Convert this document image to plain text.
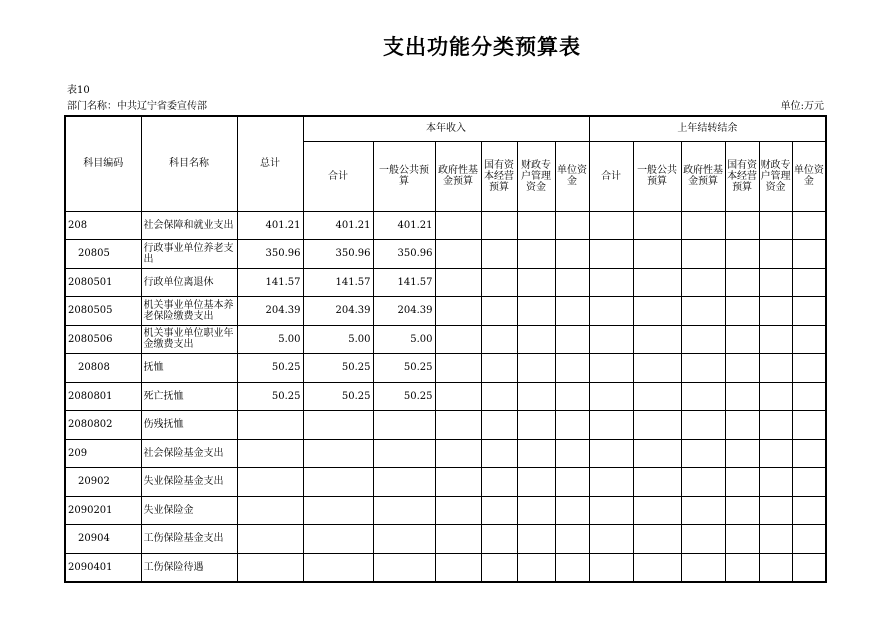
支出功能分类预算表
表10
部门名称：中共辽宁省委宣传部	单位:万元
科目编码	科目名称	总计	本年收入						上年结转结余					
			合计	一般公共预算	政府性基金预算	国有资本经营预算	财政专户管理资金	单位资金	合计	一般公共预算	政府性基金预算	国有资本经营预算	财政专户管理资金	单位资金
208	社会保障和就业支出	401.21	401.21	401.21										
20805	行政事业单位养老支出	350.96	350.96	350.96										
2080501	行政单位离退休	141.57	141.57	141.57										
2080505	机关事业单位基本养老保险缴费支出	204.39	204.39	204.39										
2080506	机关事业单位职业年金缴费支出	5.00	5.00	5.00										
20808	抚恤	50.25	50.25	50.25										
2080801	死亡抚恤	50.25	50.25	50.25										
2080802	伤残抚恤													
209	社会保险基金支出													
20902	失业保险基金支出													
2090201	失业保险金													
20904	工伤保险基金支出													
2090401	工伤保险待遇													
